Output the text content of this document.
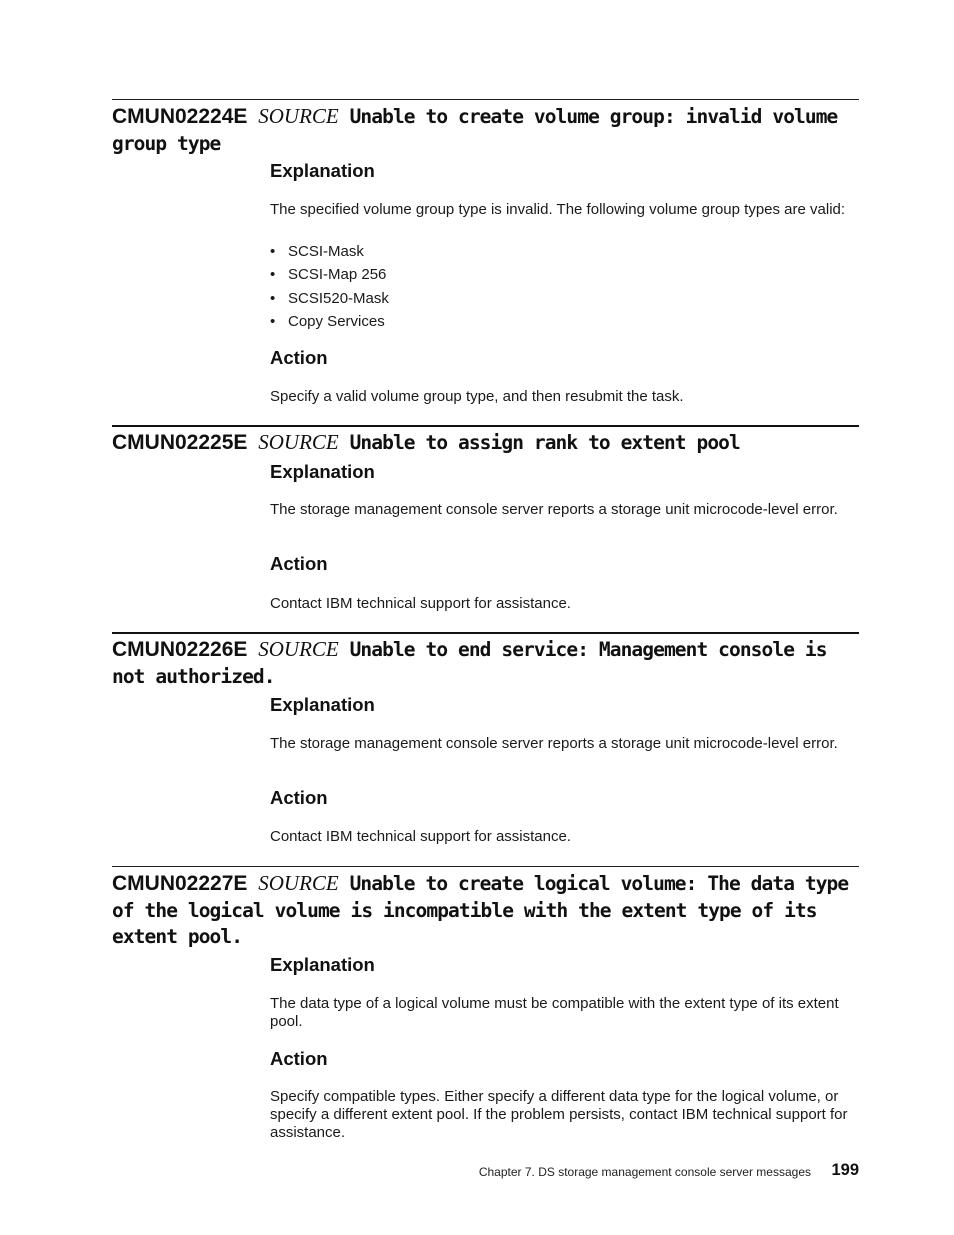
CMUN02224E SOURCE Unable to create volume group: invalid volume group type
Explanation

The specified volume group type is invalid. The following volume group types are valid:

• SCSI-Mask
• SCSI-Map 256
• SCSI520-Mask
• Copy Services
Action

Specify a valid volume group type, and then resubmit the task.

CMUN02225E SOURCE Unable to assign rank to extent pool
Explanation

The storage management console server reports a storage unit microcode-level error.

Action

Contact IBM technical support for assistance.

CMUN02226E SOURCE Unable to end service: Management console is not authorized.
Explanation

The storage management console server reports a storage unit microcode-level error.

Action

Contact IBM technical support for assistance.

CMUN02227E SOURCE Unable to create logical volume: The data type of the logical volume is incompatible with the extent type of its extent pool.
Explanation

The data type of a logical volume must be compatible with the extent type of its extent pool.

Action

Specify compatible types. Either specify a different data type for the logical volume, or specify a different extent pool. If the problem persists, contact IBM technical support for assistance.

Chapter 7. DS storage management console server messages 199
